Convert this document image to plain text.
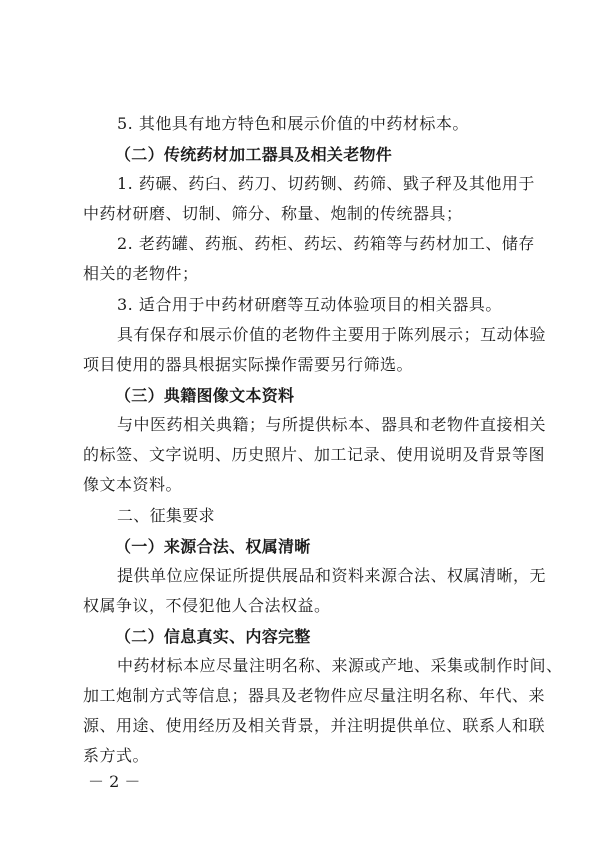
5. 其他具有地方特色和展示价值的中药材标本。
（二）传统药材加工器具及相关老物件
1. 药碾、药臼、药刀、切药铡、药筛、戥子秤及其他用于
中药材研磨、切制、筛分、称量、炮制的传统器具；
2. 老药罐、药瓶、药柜、药坛、药箱等与药材加工、储存
相关的老物件；
3. 适合用于中药材研磨等互动体验项目的相关器具。
具有保存和展示价值的老物件主要用于陈列展示；互动体验
项目使用的器具根据实际操作需要另行筛选。
（三）典籍图像文本资料
与中医药相关典籍；与所提供标本、器具和老物件直接相关
的标签、文字说明、历史照片、加工记录、使用说明及背景等图
像文本资料。
二、征集要求
（一）来源合法、权属清晰
提供单位应保证所提供展品和资料来源合法、权属清晰，无
权属争议，不侵犯他人合法权益。
（二）信息真实、内容完整
中药材标本应尽量注明名称、来源或产地、采集或制作时间、
加工炮制方式等信息；器具及老物件应尽量注明名称、年代、来
源、用途、使用经历及相关背景，并注明提供单位、联系人和联
系方式。
－ 2 －
